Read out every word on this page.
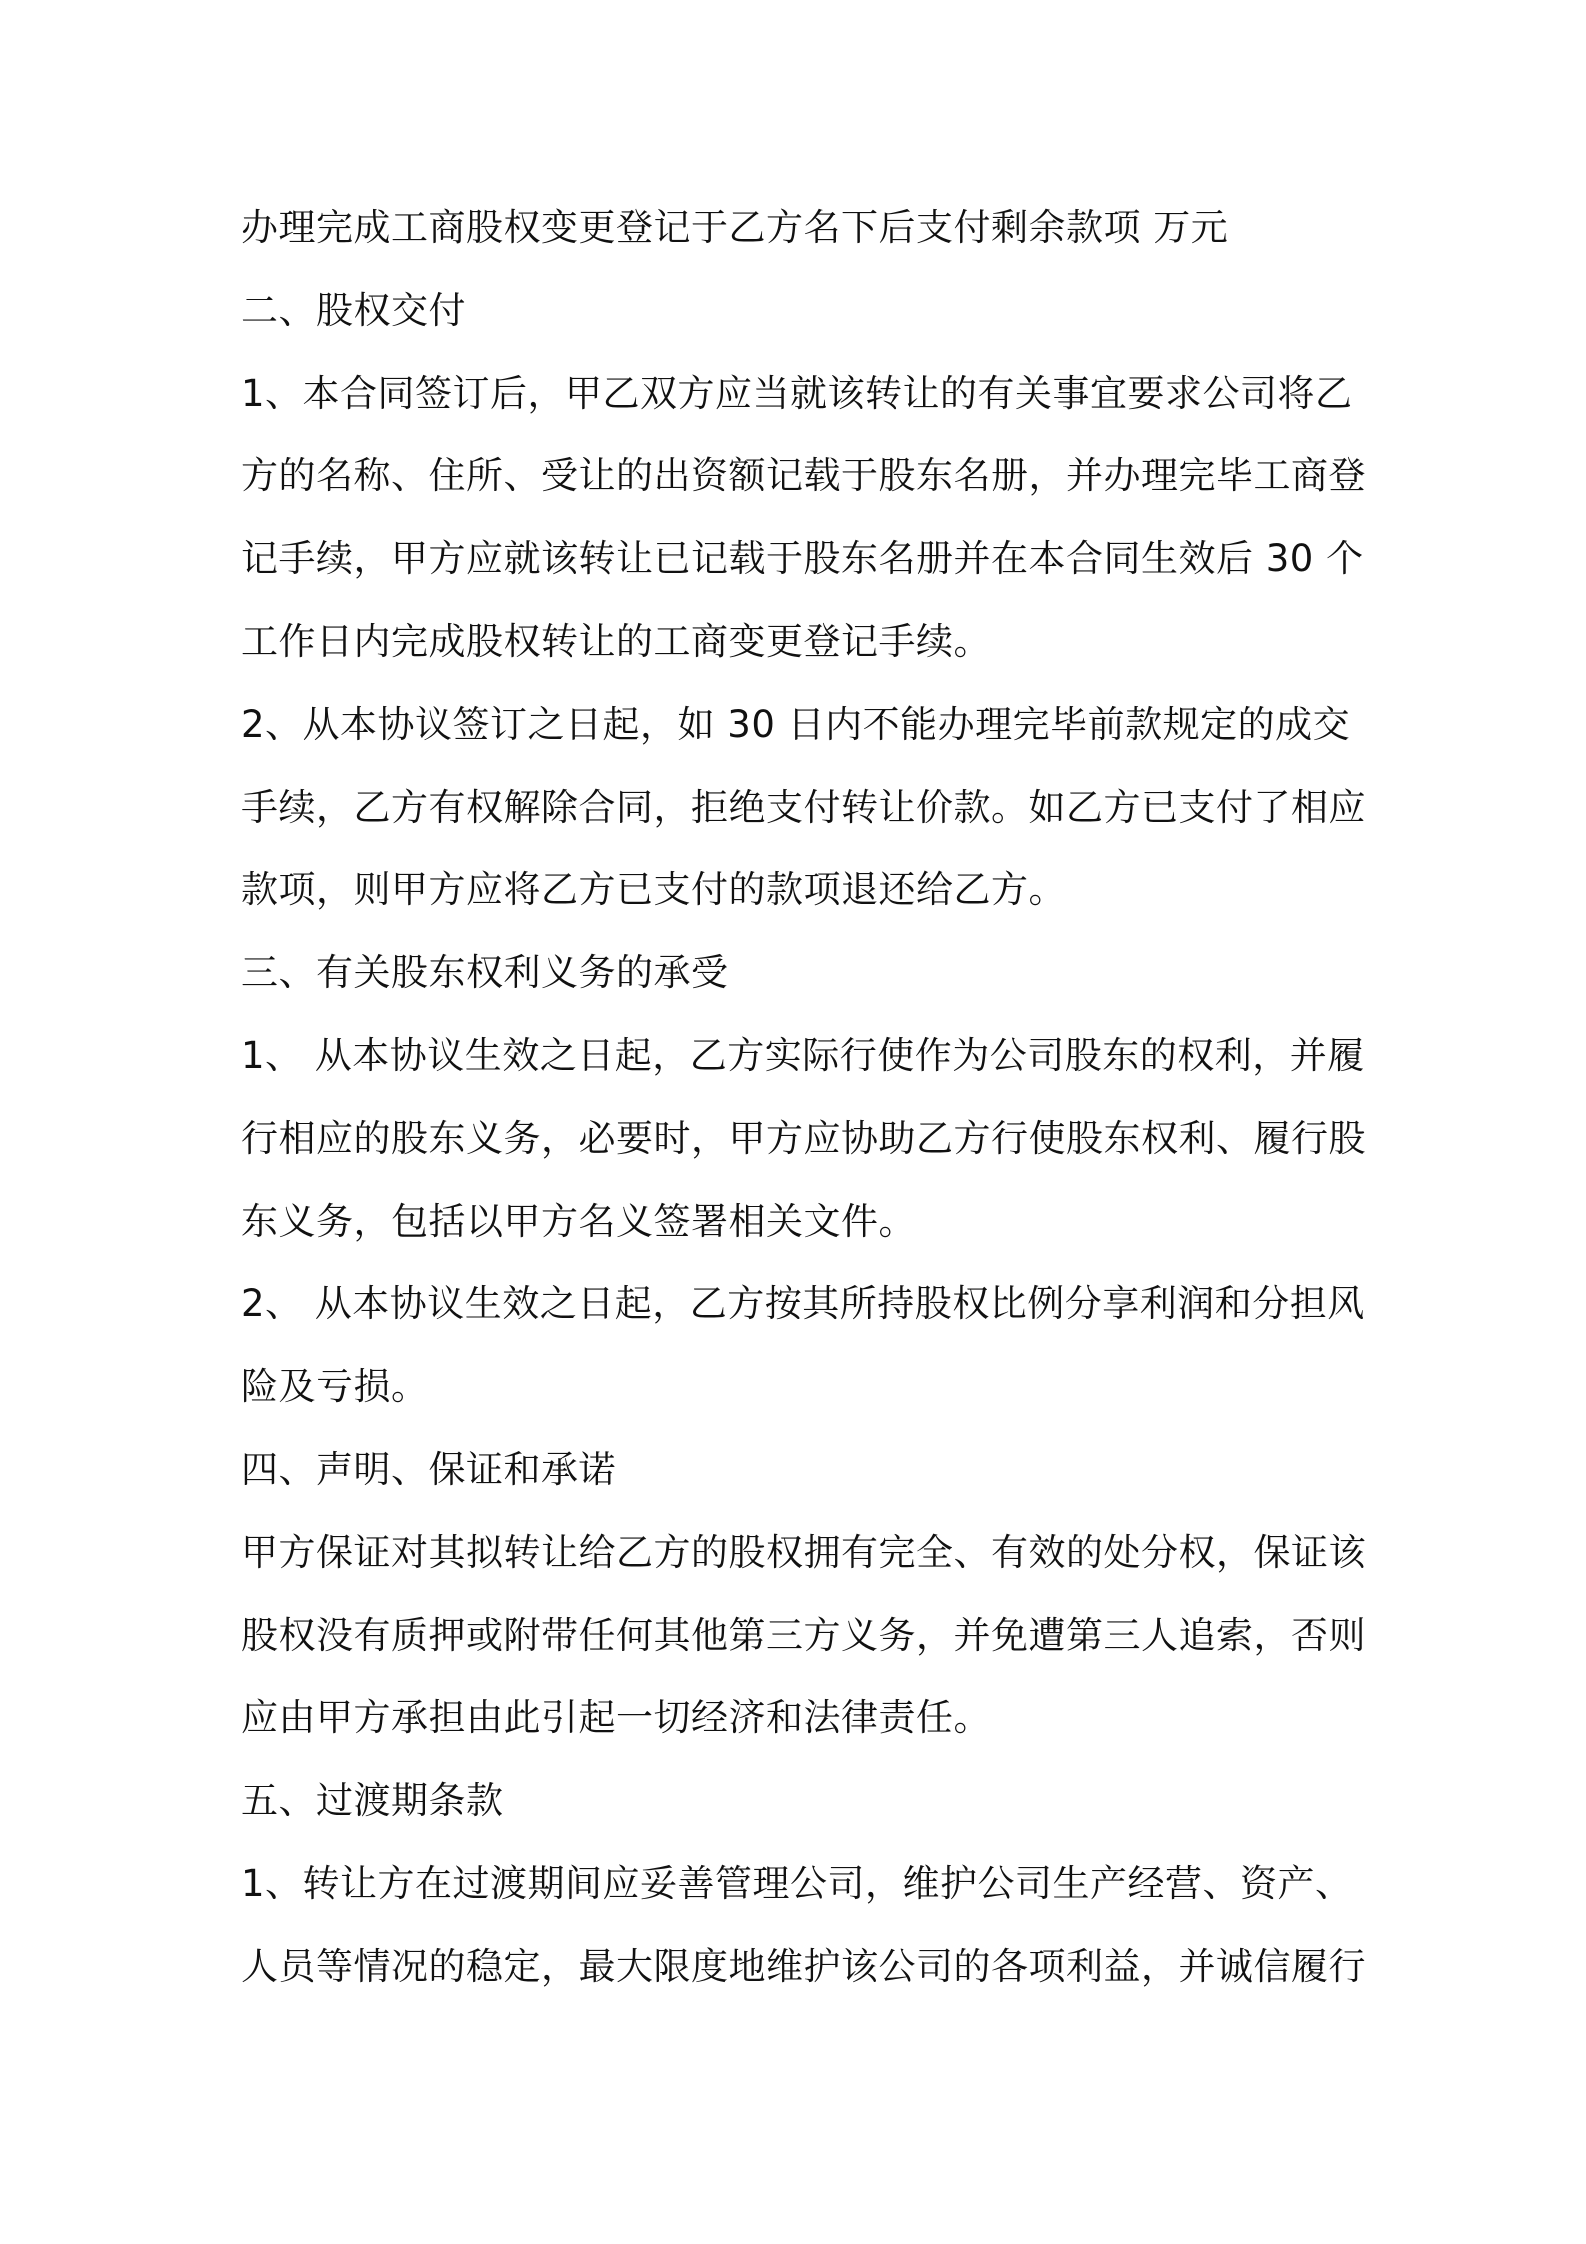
办理完成工商股权变更登记于乙方名下后支付剩余款项 万元

二、股权交付

1、本合同签订后，甲乙双方应当就该转让的有关事宜要求公司将乙

方的名称、住所、受让的出资额记载于股东名册，并办理完毕工商登

记手续，甲方应就该转让已记载于股东名册并在本合同生效后 30 个

工作日内完成股权转让的工商变更登记手续。

2、从本协议签订之日起，如 30 日内不能办理完毕前款规定的成交

手续，乙方有权解除合同，拒绝支付转让价款。如乙方已支付了相应

款项，则甲方应将乙方已支付的款项退还给乙方。

三、有关股东权利义务的承受

1、 从本协议生效之日起，乙方实际行使作为公司股东的权利，并履

行相应的股东义务，必要时，甲方应协助乙方行使股东权利、履行股

东义务，包括以甲方名义签署相关文件。

2、 从本协议生效之日起，乙方按其所持股权比例分享利润和分担风

险及亏损。

四、声明、保证和承诺

甲方保证对其拟转让给乙方的股权拥有完全、有效的处分权，保证该

股权没有质押或附带任何其他第三方义务，并免遭第三人追索，否则

应由甲方承担由此引起一切经济和法律责任。

五、过渡期条款

1、转让方在过渡期间应妥善管理公司，维护公司生产经营、资产、

人员等情况的稳定，最大限度地维护该公司的各项利益，并诚信履行
